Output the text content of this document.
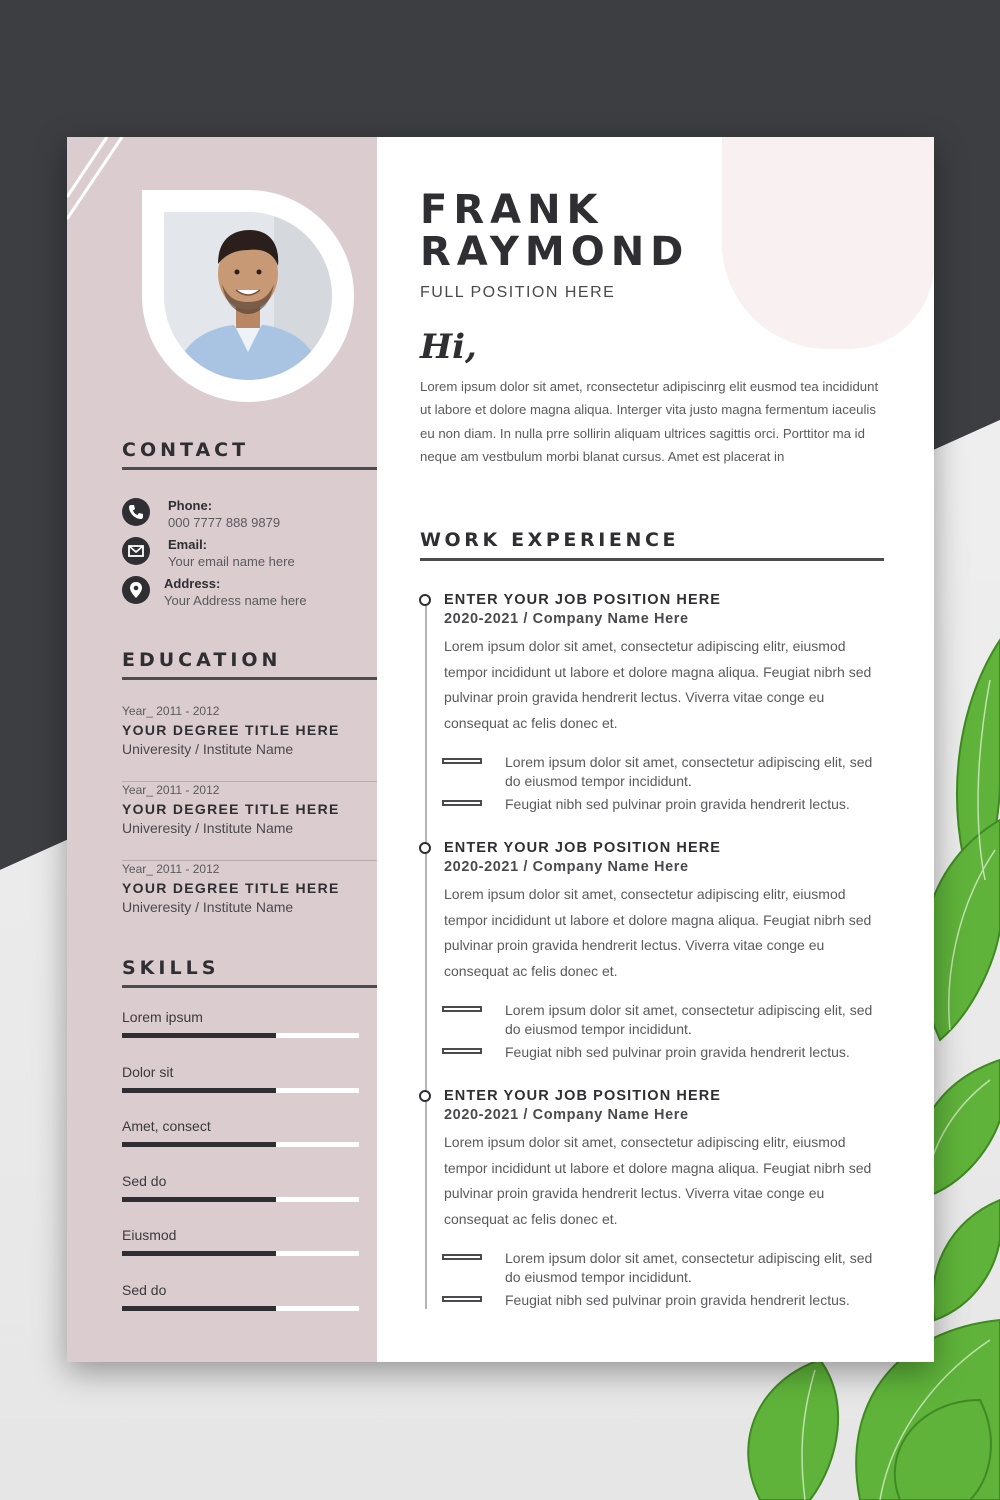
CONTACT
Phone:
000 7777 888 9879
Email:
Your email name here
Address:
Your Address name here
EDUCATION
Year_ 2011 - 2012
YOUR DEGREE TITLE HERE
Univeresity / Institute Name
Year_ 2011 - 2012
YOUR DEGREE TITLE HERE
Univeresity / Institute Name
Year_ 2011 - 2012
YOUR DEGREE TITLE HERE
Univeresity / Institute Name
SKILLS
Lorem ipsum
Dolor sit
Amet, consect
Sed do
Eiusmod
Sed do
FRANK
RAYMOND
FULL POSITION HERE
Hi,
Lorem ipsum dolor sit amet, rconsectetur adipiscinrg elit eusmod tea incididunt ut labore et dolore magna aliqua. Interger vita justo magna fermentum iaceulis eu non diam. In nulla prre sollirin aliquam ultrices sagittis orci. Porttitor ma id neque am vestbulum morbi blanat cursus. Amet est placerat in
WORK EXPERIENCE
ENTER YOUR JOB POSITION HERE
2020-2021 / Company Name Here
Lorem ipsum dolor sit amet, consectetur adipiscing elitr, eiusmod tempor incididunt ut labore et dolore magna aliqua. Feugiat nibrh sed pulvinar proin gravida hendrerit lectus. Viverra vitae conge eu consequat ac felis donec et.
Lorem ipsum dolor sit amet, consectetur adipiscing elit, sed do eiusmod tempor incididunt.
Feugiat nibh sed pulvinar proin gravida hendrerit lectus.
ENTER YOUR JOB POSITION HERE
2020-2021 / Company Name Here
Lorem ipsum dolor sit amet, consectetur adipiscing elitr, eiusmod tempor incididunt ut labore et dolore magna aliqua. Feugiat nibrh sed pulvinar proin gravida hendrerit lectus. Viverra vitae conge eu consequat ac felis donec et.
Lorem ipsum dolor sit amet, consectetur adipiscing elit, sed do eiusmod tempor incididunt.
Feugiat nibh sed pulvinar proin gravida hendrerit lectus.
ENTER YOUR JOB POSITION HERE
2020-2021 / Company Name Here
Lorem ipsum dolor sit amet, consectetur adipiscing elitr, eiusmod tempor incididunt ut labore et dolore magna aliqua. Feugiat nibrh sed pulvinar proin gravida hendrerit lectus. Viverra vitae conge eu consequat ac felis donec et.
Lorem ipsum dolor sit amet, consectetur adipiscing elit, sed do eiusmod tempor incididunt.
Feugiat nibh sed pulvinar proin gravida hendrerit lectus.
